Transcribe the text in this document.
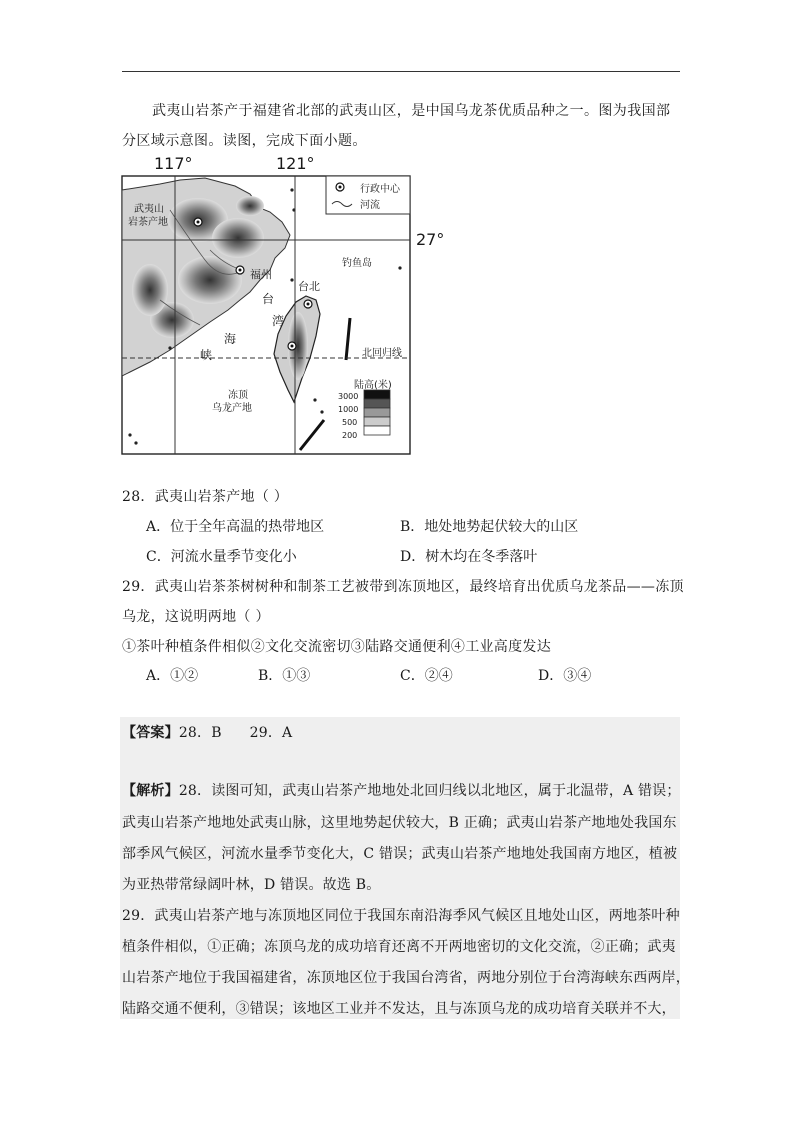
武夷山岩茶产于福建省北部的武夷山区，是中国乌龙茶优质品种之一。图为我国部分区域示意图。读图，完成下面小题。
117°	121°
27°
行政中心
河流
武夷山
岩茶产地
福州
台北
钓鱼岛
台
湾
海
峡	北回归线
冻顶
乌龙产地
陆高(米)
3000
1000
500
200
28．武夷山岩茶产地（ ）
A．位于全年高温的热带地区	B．地处地势起伏较大的山区
C．河流水量季节变化小	D．树木均在冬季落叶
29．武夷山岩茶茶树树种和制茶工艺被带到冻顶地区，最终培育出优质乌龙茶品——冻顶
乌龙，这说明两地（ ）
①茶叶种植条件相似②文化交流密切③陆路交通便利④工业高度发达
A．①②	B．①③	C．②④	D．③④
【答案】28．B      29．A
【解析】28．读图可知，武夷山岩茶产地地处北回归线以北地区，属于北温带，A 错误；
武夷山岩茶产地地处武夷山脉，这里地势起伏较大，B 正确；武夷山岩茶产地地处我国东
部季风气候区，河流水量季节变化大，C 错误；武夷山岩茶产地地处我国南方地区，植被
为亚热带常绿阔叶林，D 错误。故选 B。
29．武夷山岩茶产地与冻顶地区同位于我国东南沿海季风气候区且地处山区，两地茶叶种
植条件相似，①正确；冻顶乌龙的成功培育还离不开两地密切的文化交流，②正确；武夷
山岩茶产地位于我国福建省，冻顶地区位于我国台湾省，两地分别位于台湾海峡东西两岸，
陆路交通不便利，③错误；该地区工业并不发达，且与冻顶乌龙的成功培育关联并不大，
